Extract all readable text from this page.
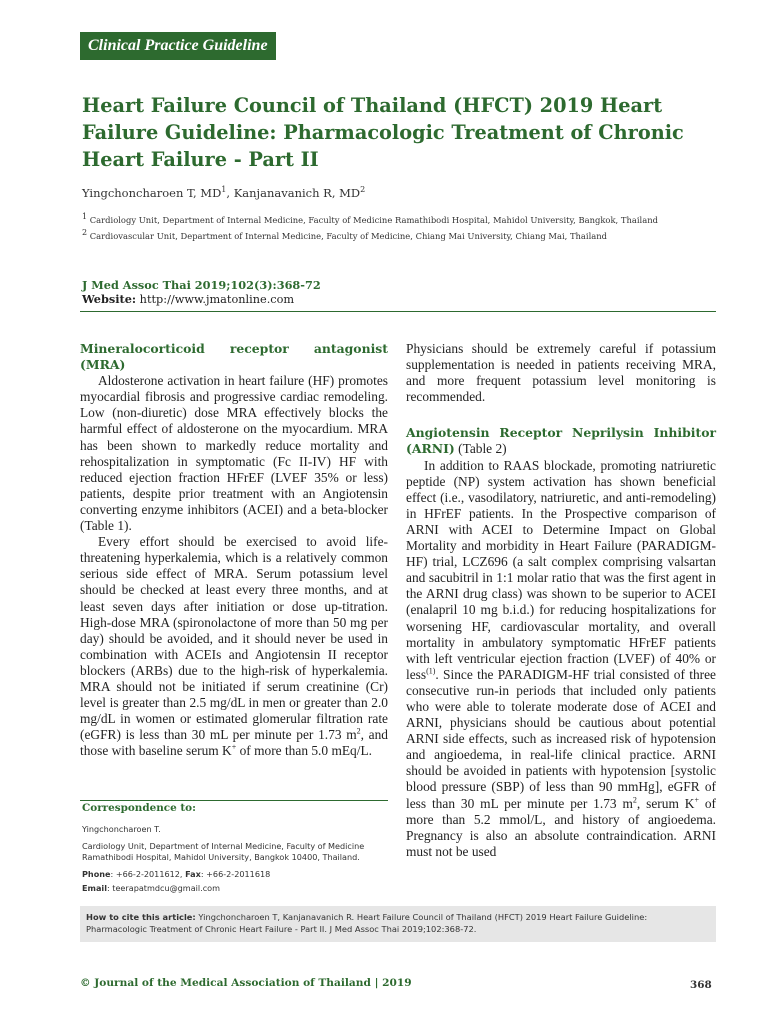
Clinical Practice Guideline
Heart Failure Council of Thailand (HFCT) 2019 Heart Failure Guideline: Pharmacologic Treatment of Chronic Heart Failure - Part II
Yingchoncharoen T, $MD^1$, Kanjanavanich R, $MD^2$
$^1$ Cardiology Unit, Department of Internal Medicine, Faculty of Medicine Ramathibodi Hospital, Mahidol University, Bangkok, Thailand
$^2$ Cardiovascular Unit, Department of Internal Medicine, Faculty of Medicine, Chiang Mai University, Chiang Mai, Thailand
J Med Assoc Thai 2019;102(3):368-72
Website: http://www.jmatonline.com
Mineralocorticoid receptor antagonist (MRA)

Aldosterone activation in heart failure (HF) promotes myocardial fibrosis and progressive cardiac remodeling. Low (non-diuretic) dose MRA effectively blocks the harmful effect of aldosterone on the myocardium. MRA has been shown to markedly reduce mortality and rehospitalization in symptomatic (Fc II-IV) HF with reduced ejection fraction HFrEF (LVEF 35% or less) patients, despite prior treatment with an Angiotensin converting enzyme inhibitors (ACEI) and a beta-blocker (Table 1).

Every effort should be exercised to avoid life-threatening hyperkalemia, which is a relatively common serious side effect of MRA. Serum potassium level should be checked at least every three months, and at least seven days after initiation or dose up-titration. High-dose MRA (spironolactone of more than 50 mg per day) should be avoided, and it should never be used in combination with ACEIs and Angiotensin II receptor blockers (ARBs) due to the high-risk of hyperkalemia. MRA should not be initiated if serum creatinine (Cr) level is greater than 2.5 mg/dL in men or greater than 2.0 mg/dL in women or estimated glomerular filtration rate (eGFR) is less than 30 mL per minute per 1.73 $m^2$, and those with baseline serum K+ of more than 5.0 mEq/L.

Correspondence to:
Yingchoncharoen T.
Cardiology Unit, Department of Internal Medicine, Faculty of Medicine Ramathibodi Hospital, Mahidol University, Bangkok 10400, Thailand.
Phone: +66-2-2011612, Fax: +66-2-2011618
Email: teerapatmdcu@gmail.com

Physicians should be extremely careful if potassium supplementation is needed in patients receiving MRA, and more frequent potassium level monitoring is recommended.

Angiotensin Receptor Neprilysin Inhibitor (ARNI) (Table 2)

In addition to RAAS blockade, promoting natriuretic peptide (NP) system activation has shown beneficial effect (i.e., vasodilatory, natriuretic, and anti-remodeling) in HFrEF patients. In the Prospective comparison of ARNI with ACEI to Determine Impact on Global Mortality and morbidity in Heart Failure (PARADIGM-HF) trial, LCZ696 (a salt complex comprising valsartan and sacubitril in 1:1 molar ratio that was the first agent in the ARNI drug class) was shown to be superior to ACEI (enalapril 10 mg b.i.d.) for reducing hospitalizations for worsening HF, cardiovascular mortality, and overall mortality in ambulatory symptomatic HFrEF patients with left ventricular ejection fraction (LVEF) of 40% or less$^{(1)}$. Since the PARADIGM-HF trial consisted of three consecutive run-in periods that included only patients who were able to tolerate moderate dose of ACEI and ARNI, physicians should be cautious about potential ARNI side effects, such as increased risk of hypotension and angioedema, in real-life clinical practice. ARNI should be avoided in patients with hypotension [systolic blood pressure (SBP) of less than 90 mmHg], eGFR of less than 30 mL per minute per 1.73 $m^2$, serum K+ of more than 5.2 mmol/L, and history of angioedema. Pregnancy is also an absolute contraindication. ARNI must not be used

How to cite this article: Yingchoncharoen T, Kanjanavanich R. Heart Failure Council of Thailand (HFCT) 2019 Heart Failure Guideline: Pharmacologic Treatment of Chronic Heart Failure - Part II. J Med Assoc Thai 2019;102:368-72.
© Journal of the Medical Association of Thailand | 2019	368
